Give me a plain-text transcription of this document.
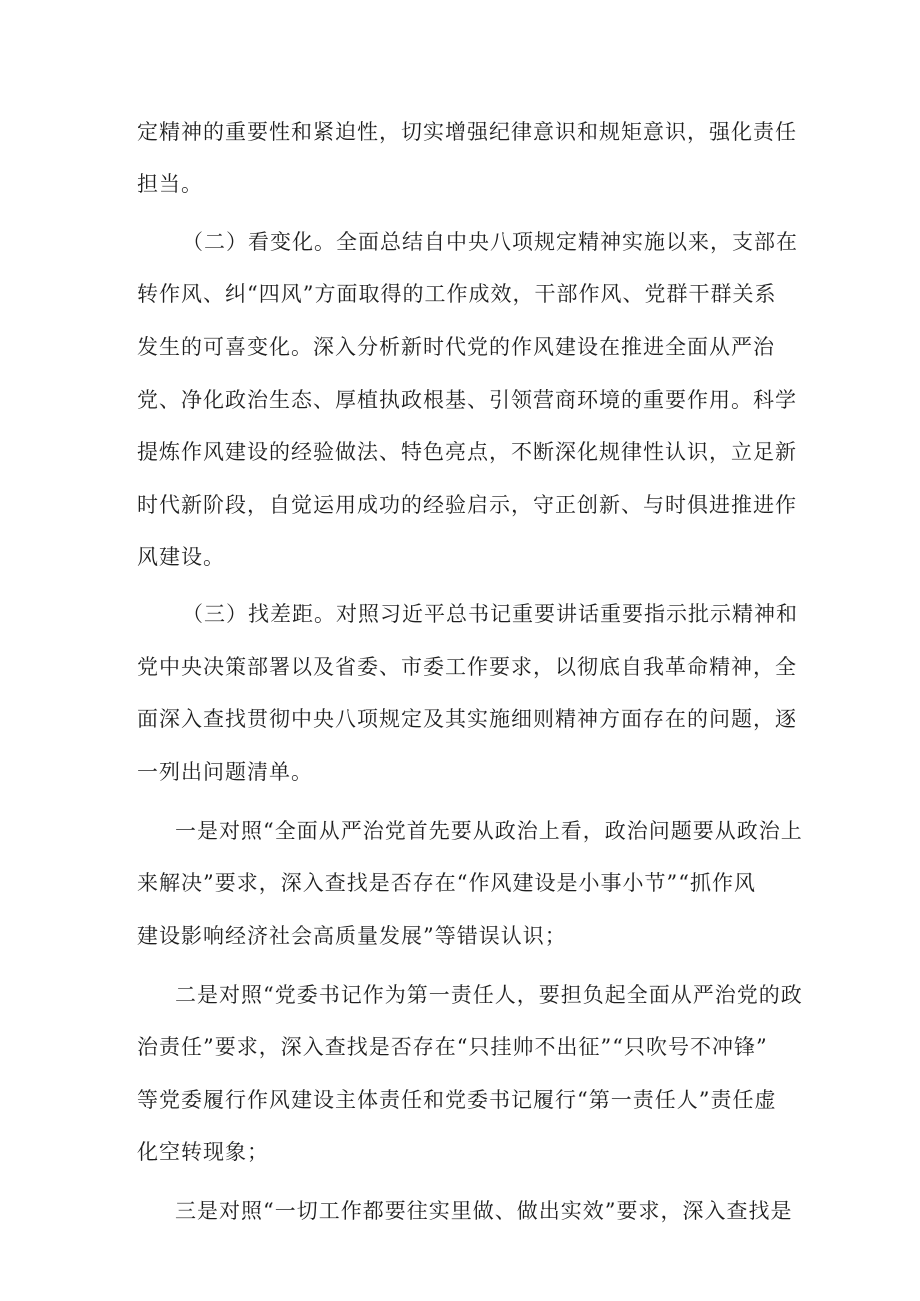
定精神的重要性和紧迫性，切实增强纪律意识和规矩意识，强化责任

担当。

（二）看变化。全面总结自中央八项规定精神实施以来，支部在

转作风、纠“四风”方面取得的工作成效，干部作风、党群干群关系

发生的可喜变化。深入分析新时代党的作风建设在推进全面从严治

党、净化政治生态、厚植执政根基、引领营商环境的重要作用。科学

提炼作风建设的经验做法、特色亮点，不断深化规律性认识，立足新

时代新阶段，自觉运用成功的经验启示，守正创新、与时俱进推进作

风建设。

（三）找差距。对照习近平总书记重要讲话重要指示批示精神和

党中央决策部署以及省委、市委工作要求，以彻底自我革命精神，全

面深入查找贯彻中央八项规定及其实施细则精神方面存在的问题，逐

一列出问题清单。

一是对照“全面从严治党首先要从政治上看，政治问题要从政治上

来解决”要求，深入查找是否存在“作风建设是小事小节”“抓作风

建设影响经济社会高质量发展”等错误认识；

二是对照“党委书记作为第一责任人，要担负起全面从严治党的政

治责任”要求，深入查找是否存在“只挂帅不出征”“只吹号不冲锋”

等党委履行作风建设主体责任和党委书记履行“第一责任人”责任虚

化空转现象；

三是对照“一切工作都要往实里做、做出实效”要求，深入查找是
